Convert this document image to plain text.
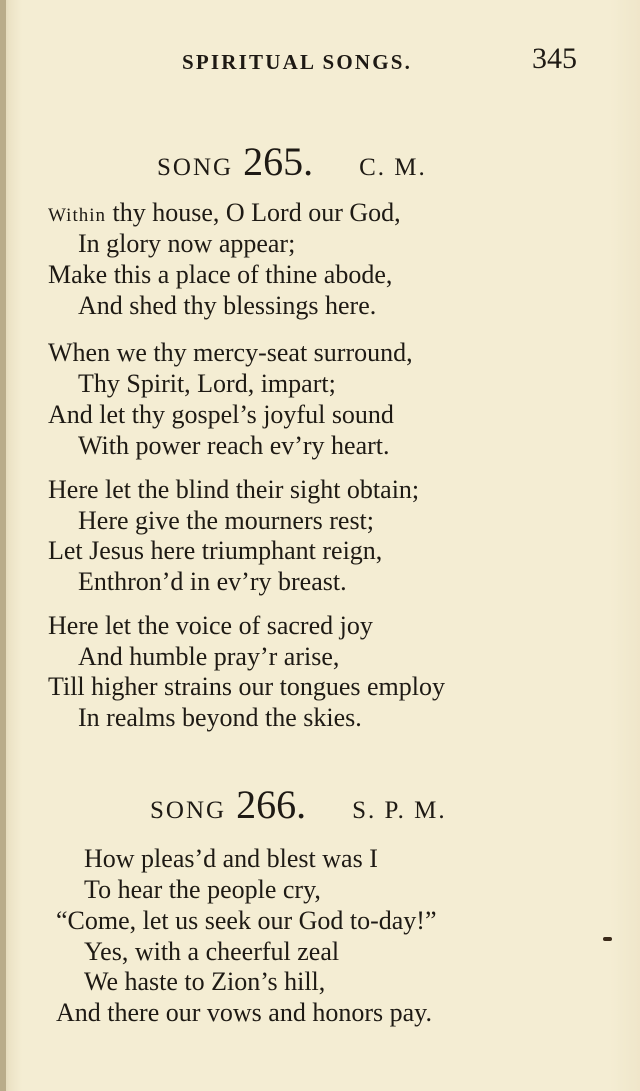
SPIRITUAL SONGS.	345
SONG 265. C. M.
Within thy house, O Lord our God,
In glory now appear;
Make this a place of thine abode,
And shed thy blessings here.
When we thy mercy-seat surround,
Thy Spirit, Lord, impart;
And let thy gospel’s joyful sound
With power reach ev’ry heart.
Here let the blind their sight obtain;
Here give the mourners rest;
Let Jesus here triumphant reign,
Enthron’d in ev’ry breast.
Here let the voice of sacred joy
And humble pray’r arise,
Till higher strains our tongues employ
In realms beyond the skies.
SONG 266. S. P. M.
How pleas’d and blest was I
To hear the people cry,
“Come, let us seek our God to-day!”
Yes, with a cheerful zeal
We haste to Zion’s hill,
And there our vows and honors pay.
